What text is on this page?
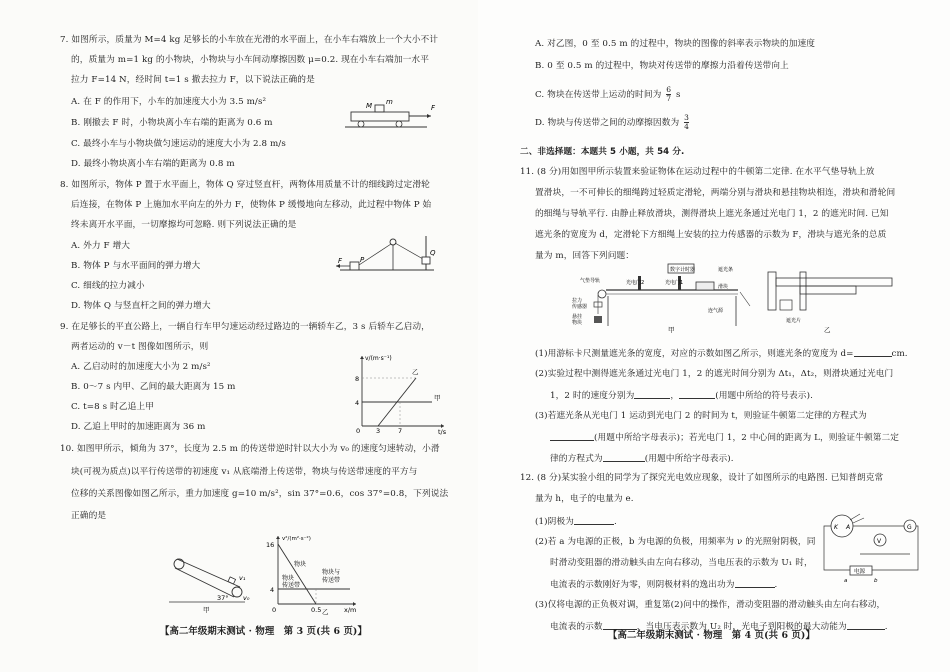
7. 如图所示，质量为 M=4 kg 足够长的小车放在光滑的水平面上，在小车右端放上一个大小不计
的，质量为 m=1 kg 的小物块，小物块与小车间动摩擦因数 μ=0.2. 现在小车右端加一水平
拉力 F=14 N，经时间 t=1 s 撤去拉力 F，以下说法正确的是
A. 在 F 的作用下，小车的加速度大小为 3.5 m/s²
B. 刚撤去 F 时，小物块离小车右端的距离为 0.6 m
C. 最终小车与小物块做匀速运动的速度大小为 2.8 m/s
D. 最终小物块离小车右端的距离为 0.8 m
M m
F
8. 如图所示，物体 P 置于水平面上，物体 Q 穿过竖直杆，两物体用质量不计的细线跨过定滑轮
后连接，在物体 P 上施加水平向左的外力 F，使物体 P 缓慢地向左移动，此过程中物体 P 始
终未离开水平面，一切摩擦均可忽略. 则下列说法正确的是
A. 外力 F 增大
B. 物体 P 与水平面间的弹力增大
C. 细线的拉力减小
D. 物体 Q 与竖直杆之间的弹力增大
F	P
Q
9. 在足够长的平直公路上，一辆自行车甲匀速运动经过路边的一辆轿车乙，3 s 后轿车乙启动，
两者运动的 v－t 图像如图所示，则
A. 乙启动时的加速度大小为 2 m/s²
B. 0～7 s 内甲、乙间的最大距离为 15 m
C. t=8 s 时乙追上甲
D. 乙追上甲时的加速距离为 36 m
v/(m·s⁻¹)
t/s
8
4
0 3	7
乙
甲
10. 如图甲所示，倾角为 37°，长度为 2.5 m 的传送带逆时针以大小为 v₀ 的速度匀速转动，小滑
块(可视为质点)以平行传送带的初速度 v₁ 从底端滑上传送带，物块与传送带速度的平方与
位移的关系图像如图乙所示，重力加速度 g=10 m/s²，sin 37°=0.6，cos 37°=0.8，下列说法
正确的是
v₁
37° v₀
甲
v²/(m²·s⁻²)
16
4
0	0.5	x/m
乙
物块
物块
传送带
物块与
传送带
【高二年级期末测试 · 物理　第 3 页(共 6 页)】
A. 对乙图，0 至 0.5 m 的过程中，物块的图像的斜率表示物块的加速度
B. 0 至 0.5 m 的过程中，物块对传送带的摩擦力沿着传送带向上
C. 物块在传送带上运动的时间为 $\frac{6}{7}$ s
D. 物块与传送带之间的动摩擦因数为 $\frac{3}{4}$
二、非选择题：本题共 5 小题，共 54 分.
11. (8 分)用如图甲所示装置来验证物体在运动过程中的牛顿第二定律. 在水平气垫导轨上放
置滑块，一不可伸长的细绳跨过轻质定滑轮，两端分别与滑块和悬挂物块相连，滑块和滑轮间
的细绳与导轨平行. 由静止释放滑块，测得滑块上遮光条通过光电门 1，2 的遮光时间. 已知
遮光条的宽度为 d，定滑轮下方细绳上安装的拉力传感器的示数为 F，滑块与遮光条的总质
量为 m，回答下列问题：
数字计时器	遮光条
气垫导轨
滑块
光电门2	光电门1
拉力
传感器
悬挂
物块
连气源
甲
遮光片
乙
(1)用游标卡尺测量遮光条的宽度，对应的示数如图乙所示，则遮光条的宽度为 d=	cm.
(2)实验过程中测得遮光条通过光电门 1，2 的遮光时间分别为 Δt₁，Δt₂，则滑块通过光电门
1，2 时的速度分别为	，	(用题中所给的符号表示).
(3)若遮光条从光电门 1 运动到光电门 2 的时间为 t，则验证牛顿第二定律的方程式为
(用题中所给字母表示)；若光电门 1，2 中心间的距离为 L，则验证牛顿第二定
律的方程式为	(用题中所给字母表示).
12. (8 分)某实验小组的同学为了探究光电效应现象，设计了如图所示的电路图. 已知普朗克常
量为 h，电子的电量为 e.
(1)阴极为	.
(2)若 a 为电源的正极，b 为电源的负极，用频率为 ν 的光照射阴极，同
时滑动变阻器的滑动触头由左向右移动，当电压表的示数为 U₁ 时，
电流表的示数刚好为零，则阴极材料的逸出功为	.
(3)仅将电源的正负极对调，重复第(2)问中的操作，滑动变阻器的滑动触头由左向右移动，
电流表的示数	，当电压表示数为 U₂ 时，光电子到阳极的最大动能为	.
K A
V
G
电源
a	b
【高二年级期末测试 · 物理　第 4 页(共 6 页)】
